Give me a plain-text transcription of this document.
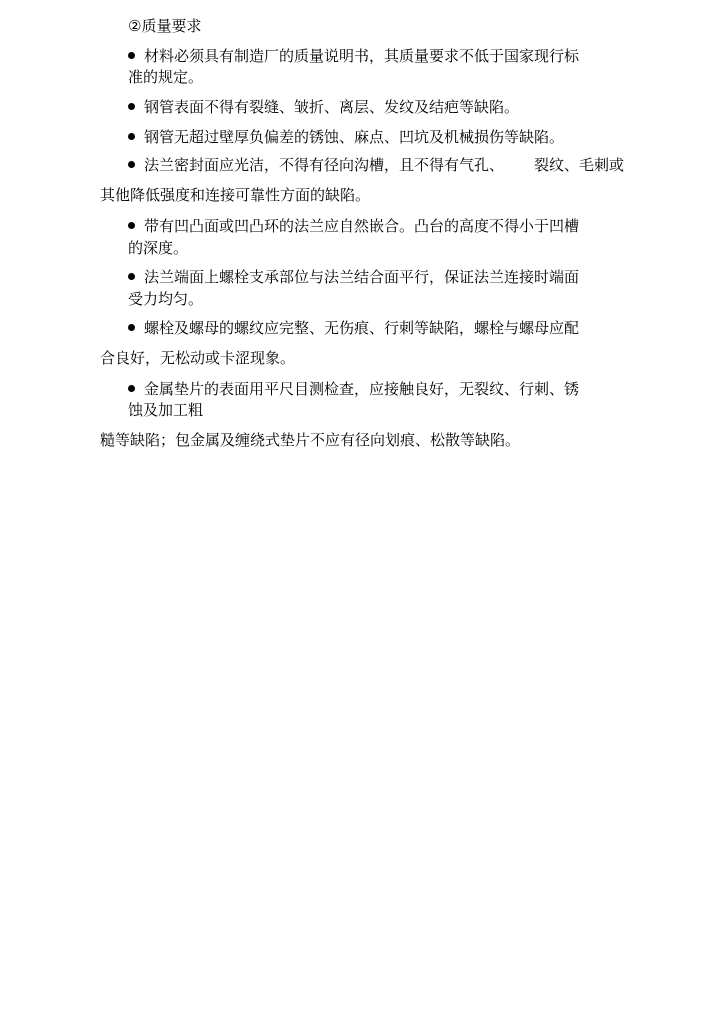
②质量要求
材料必须具有制造厂的质量说明书，其质量要求不低于国家现行标
准的规定。
钢管表面不得有裂缝、皱折、离层、发纹及结疤等缺陷。
钢管无超过壁厚负偏差的锈蚀、麻点、凹坑及机械损伤等缺陷。
法兰密封面应光洁，不得有径向沟槽，且不得有气孔、 裂纹、毛刺或
其他降低强度和连接可靠性方面的缺陷。
带有凹凸面或凹凸环的法兰应自然嵌合。凸台的高度不得小于凹槽
的深度。
法兰端面上螺栓支承部位与法兰结合面平行，保证法兰连接时端面
受力均匀。
螺栓及螺母的螺纹应完整、无伤痕、行刺等缺陷，螺栓与螺母应配
合良好，无松动或卡涩现象。
金属垫片的表面用平尺目测检查，应接触良好，无裂纹、行刺、锈
蚀及加工粗
糙等缺陷；包金属及缠绕式垫片不应有径向划痕、松散等缺陷。
